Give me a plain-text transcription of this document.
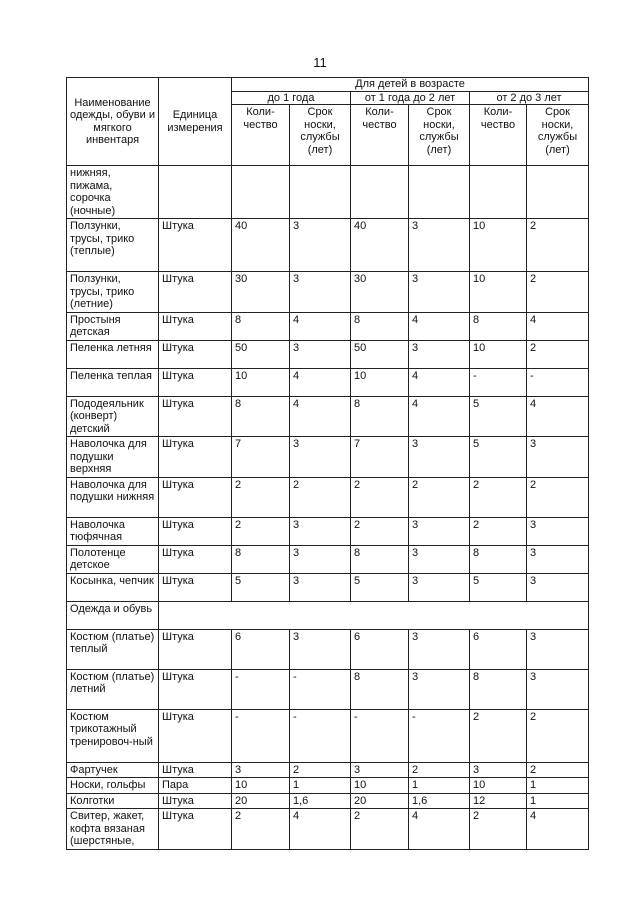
11
Наименование одежды, обуви и мягкого инвентаря	Единица измерения	Для детей в возрасте					
		до 1 года		от 1 года до 2 лет		от 2 до 3 лет	
		Коли-чество	Срок носки, службы (лет)	Коли-чество	Срок носки, службы (лет)	Коли-чество	Срок носки, службы (лет)
нижняя, пижама, сорочка (ночные)							
Ползунки, трусы, трико (теплые)	Штука	40	3	40	3	10	2
Ползунки, трусы, трико (летние)	Штука	30	3	30	3	10	2
Простыня детская	Штука	8	4	8	4	8	4
Пеленка летняя	Штука	50	3	50	3	10	2
Пеленка теплая	Штука	10	4	10	4	-	-
Пододеяльник (конверт) детский	Штука	8	4	8	4	5	4
Наволочка для подушки верхняя	Штука	7	3	7	3	5	3
Наволочка для подушки нижняя	Штука	2	2	2	2	2	2
Наволочка тюфячная	Штука	2	3	2	3	2	3
Полотенце детское	Штука	8	3	8	3	8	3
Косынка, чепчик	Штука	5	3	5	3	5	3
Одежда и обувь							
Костюм (платье) теплый	Штука	6	3	6	3	6	3
Костюм (платье) летний	Штука	-	-	8	3	8	3
Костюм трикотажный тренировоч-ный	Штука	-	-	-	-	2	2
Фартучек	Штука	3	2	3	2	3	2
Носки, гольфы	Пара	10	1	10	1	10	1
Колготки	Штука	20	1,6	20	1,6	12	1
Свитер, жакет, кофта вязаная (шерстяные,	Штука	2	4	2	4	2	4
